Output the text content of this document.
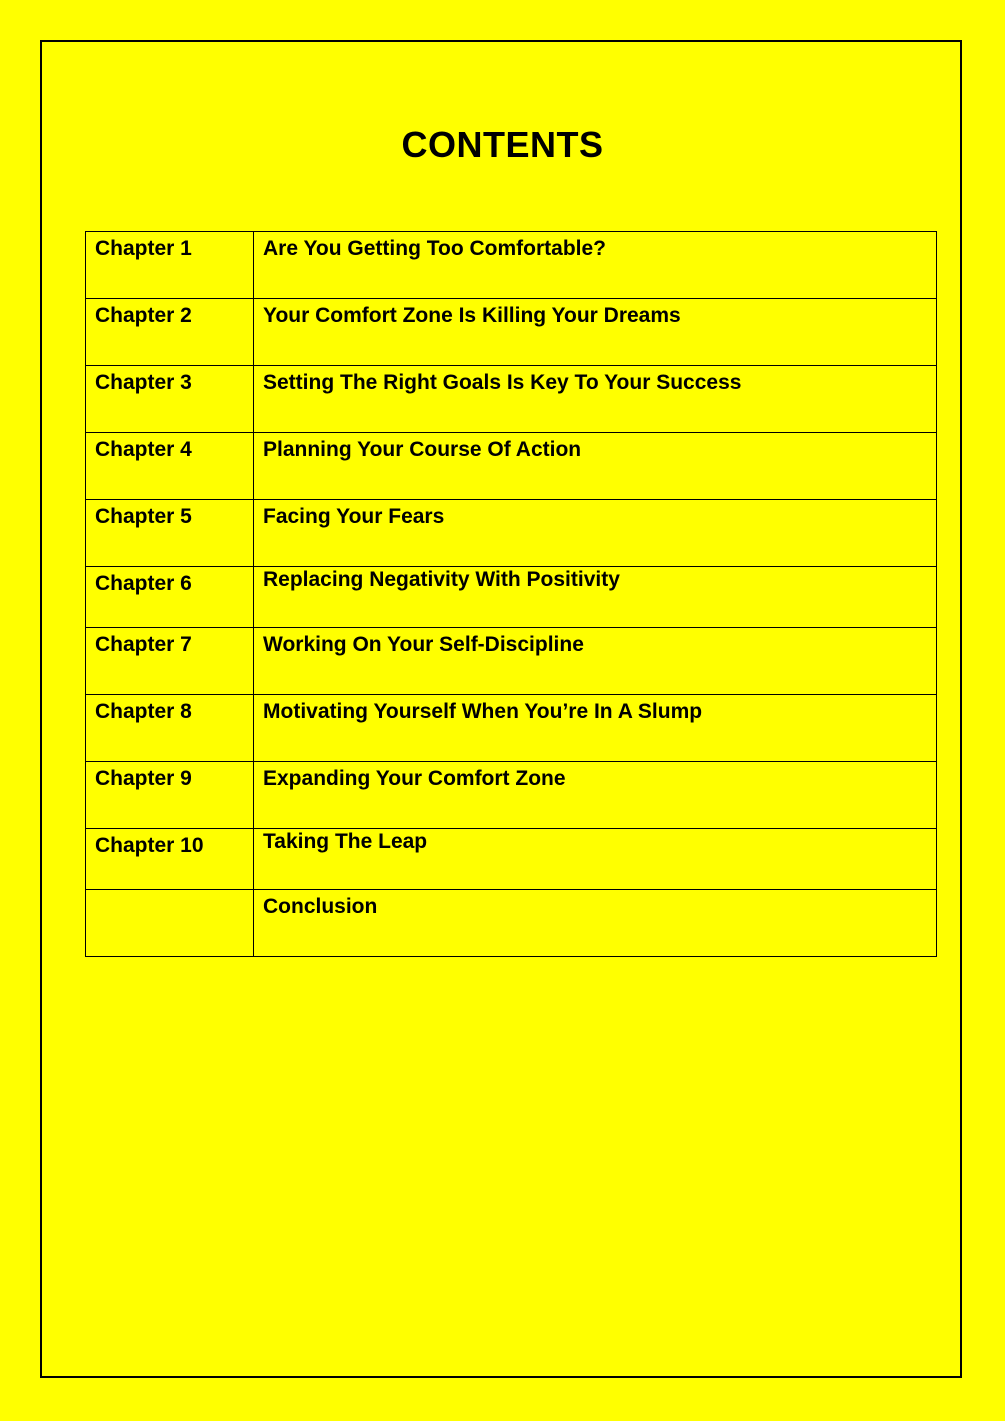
CONTENTS
Chapter 1	Are You Getting Too Comfortable?
Chapter 2	Your Comfort Zone Is Killing Your Dreams
Chapter 3	Setting The Right Goals Is Key To Your Success
Chapter 4	Planning Your Course Of Action
Chapter 5	Facing Your Fears
Chapter 6	Replacing Negativity With Positivity
Chapter 7	Working On Your Self-Discipline
Chapter 8	Motivating Yourself When You’re In A Slump
Chapter 9	Expanding Your Comfort Zone
Chapter 10	Taking The Leap
	Conclusion
